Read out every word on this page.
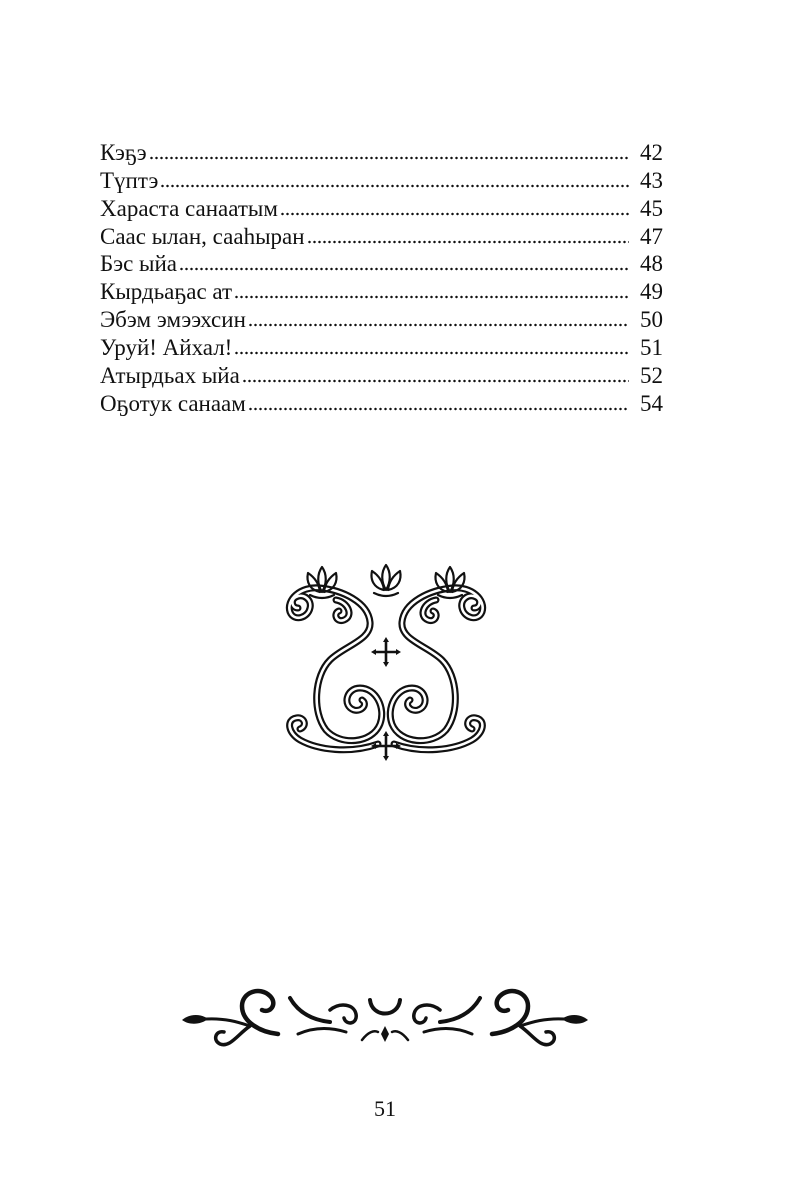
Кэҕэ	42
Түптэ	43
Хараста санаатым	45
Саас ылан, сааһыран	47
Бэс ыйа	48
Кырдьаҕас ат	49
Эбэм эмээхсин	50
Уруй! Айхал!	51
Атырдьах ыйа	52
Оҕотук санаам	54
51
